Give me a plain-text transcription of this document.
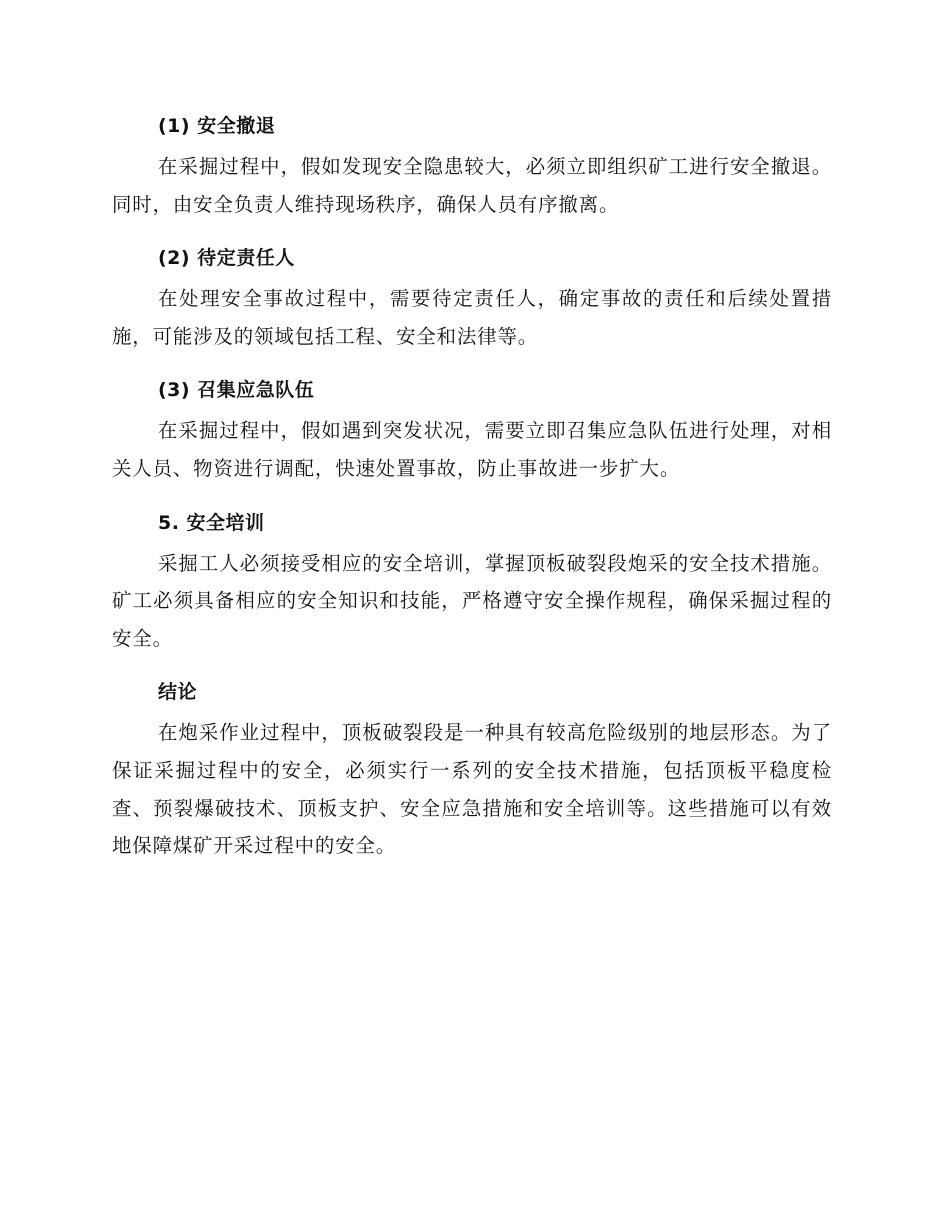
(1) 安全撤退

在采掘过程中，假如发现安全隐患较大，必须立即组织矿工进行安全撤退。同时，由安全负责人维持现场秩序，确保人员有序撤离。

(2) 待定责任人

在处理安全事故过程中，需要待定责任人，确定事故的责任和后续处置措施，可能涉及的领域包括工程、安全和法律等。

(3) 召集应急队伍

在采掘过程中，假如遇到突发状况，需要立即召集应急队伍进行处理，对相关人员、物资进行调配，快速处置事故，防止事故进一步扩大。

5. 安全培训

采掘工人必须接受相应的安全培训，掌握顶板破裂段炮采的安全技术措施。矿工必须具备相应的安全知识和技能，严格遵守安全操作规程，确保采掘过程的安全。

结论

在炮采作业过程中，顶板破裂段是一种具有较高危险级别的地层形态。为了保证采掘过程中的安全，必须实行一系列的安全技术措施，包括顶板平稳度检查、预裂爆破技术、顶板支护、安全应急措施和安全培训等。这些措施可以有效地保障煤矿开采过程中的安全。
